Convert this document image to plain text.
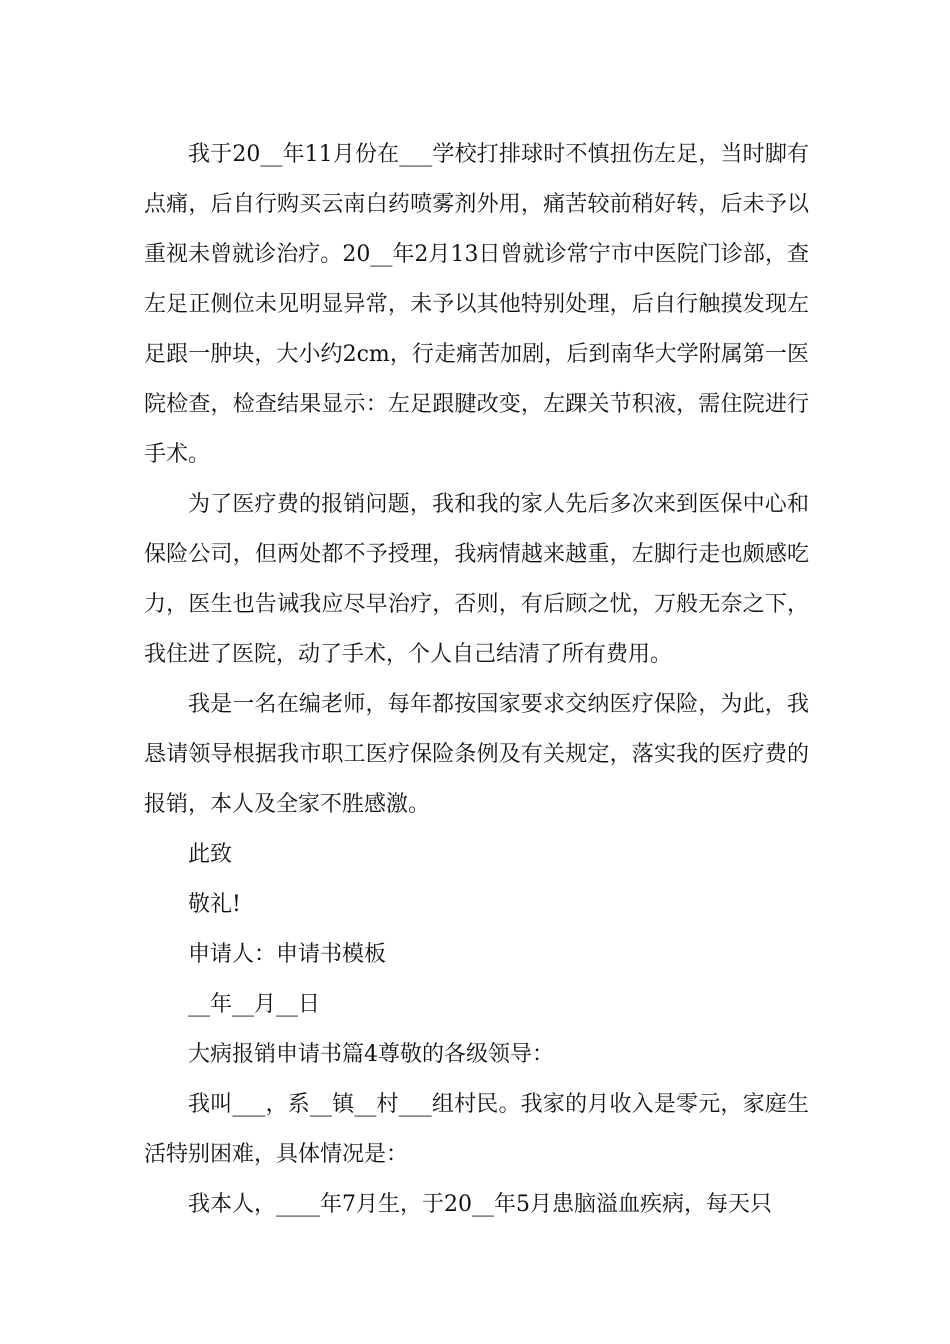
我于20__年11月份在___学校打排球时不慎扭伤左足，当时脚有点痛，后自行购买云南白药喷雾剂外用，痛苦较前稍好转，后未予以重视未曾就诊治疗。20__年2月13日曾就诊常宁市中医院门诊部，查左足正侧位未见明显异常，未予以其他特别处理，后自行触摸发现左足跟一肿块，大小约2cm，行走痛苦加剧，后到南华大学附属第一医院检查，检查结果显示：左足跟腱改变，左踝关节积液，需住院进行手术。

为了医疗费的报销问题，我和我的家人先后多次来到医保中心和保险公司，但两处都不予授理，我病情越来越重，左脚行走也颇感吃力，医生也告诫我应尽早治疗，否则，有后顾之忧，万般无奈之下，我住进了医院，动了手术，个人自己结清了所有费用。

我是一名在编老师，每年都按国家要求交纳医疗保险，为此，我恳请领导根据我市职工医疗保险条例及有关规定，落实我的医疗费的报销，本人及全家不胜感激。

此致

敬礼!

申请人：申请书模板

__年__月__日

大病报销申请书篇4尊敬的各级领导：

我叫___，系__镇__村___组村民。我家的月收入是零元，家庭生活特别困难，具体情况是：

我本人，____年7月生，于20__年5月患脑溢血疾病，每天只
